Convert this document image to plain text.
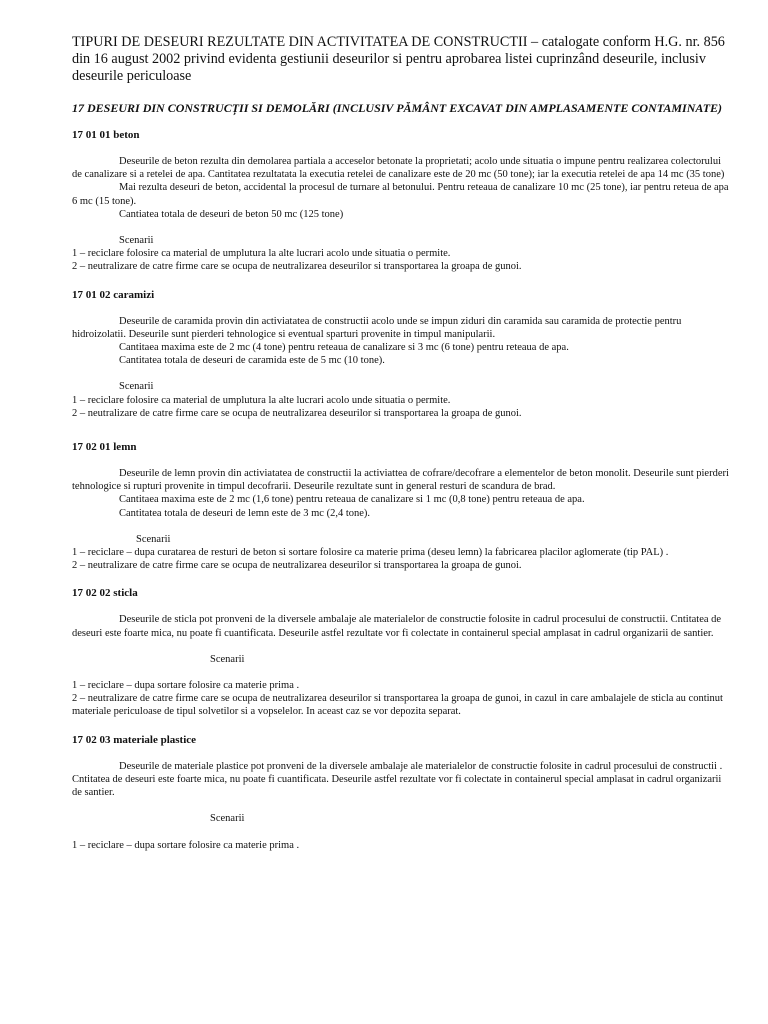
TIPURI DE DESEURI REZULTATE DIN ACTIVITATEA DE CONSTRUCTII – catalogate conform H.G. nr. 856 din 16 august 2002 privind evidenta gestiunii deseurilor si pentru aprobarea listei cuprinzând deseurile, inclusiv deseurile periculoase

17 DESEURI DIN CONSTRUCȚII SI DEMOLĂRI (INCLUSIV PĂMÂNT EXCAVAT DIN AMPLASAMENTE CONTAMINATE)

17 01 01 beton

Deseurile de beton rezulta din demolarea partiala a acceselor betonate la proprietati; acolo unde situatia o impune pentru realizarea colectorului de canalizare si a retelei de apa. Cantitatea rezultatata la executia retelei de canalizare este de 20 mc (50 tone); iar la executia retelei de apa 14 mc (35 tone)

Mai rezulta deseuri de beton, accidental la procesul de turnare al betonului. Pentru reteaua de canalizare 10 mc (25 tone), iar pentru reteua de apa 6 mc (15 tone).

Cantiatea totala de deseuri de beton 50 mc (125 tone)

Scenarii

1 – reciclare folosire ca material de umplutura la alte lucrari acolo unde situatia o permite.

2 – neutralizare de catre firme care se ocupa de neutralizarea deseurilor si transportarea la groapa de gunoi.

17 01 02 caramizi

Deseurile de caramida provin din activiatatea de constructii acolo unde se impun ziduri din caramida sau caramida de protectie pentru hidroizolatii. Deseurile sunt pierderi tehnologice si eventual sparturi provenite in timpul manipularii.

Cantitaea maxima este de 2 mc (4 tone) pentru reteaua de canalizare si 3 mc (6 tone) pentru reteaua de apa.

Cantitatea totala de deseuri de caramida este de 5 mc (10 tone).

Scenarii

1 – reciclare folosire ca material de umplutura la alte lucrari acolo unde situatia o permite.

2 – neutralizare de catre firme care se ocupa de neutralizarea deseurilor si transportarea la groapa de gunoi.

17 02 01 lemn

Deseurile de lemn provin din activiatatea de constructii la activiattea de cofrare/decofrare a elementelor de beton monolit. Deseurile sunt pierderi tehnologice si rupturi provenite in timpul decofrarii. Deseurile rezultate sunt in general resturi de scandura de brad.

Cantitaea maxima este de 2 mc (1,6 tone) pentru reteaua de canalizare si 1 mc (0,8 tone) pentru reteaua de apa.

Cantitatea totala de deseuri de lemn este de 3 mc (2,4 tone).

Scenarii

1 – reciclare – dupa curatarea de resturi de beton si sortare folosire ca materie prima (deseu lemn) la fabricarea placilor aglomerate (tip PAL) .

2 – neutralizare de catre firme care se ocupa de neutralizarea deseurilor si transportarea la groapa de gunoi.

17 02 02 sticla

Deseurile de sticla pot pronveni de la diversele ambalaje ale materialelor de constructie folosite in cadrul procesului de constructii. Cntitatea de deseuri este foarte mica, nu poate fi cuantificata. Deseurile astfel rezultate vor fi colectate in containerul special amplasat in cadrul organizarii de santier.

Scenarii

1 – reciclare – dupa sortare folosire ca materie prima .

2 – neutralizare de catre firme care se ocupa de neutralizarea deseurilor si transportarea la groapa de gunoi, in cazul in care ambalajele de sticla au continut materiale periculoase de tipul solvetilor si a vopselelor. In aceast caz se vor depozita separat.

17 02 03 materiale plastice

Deseurile de materiale plastice pot pronveni de la diversele ambalaje ale materialelor de constructie folosite in cadrul procesului de constructii . Cntitatea de deseuri este foarte mica, nu poate fi cuantificata. Deseurile astfel rezultate vor fi colectate in containerul special amplasat in cadrul organizarii de santier.

Scenarii

1 – reciclare – dupa sortare folosire ca materie prima .
